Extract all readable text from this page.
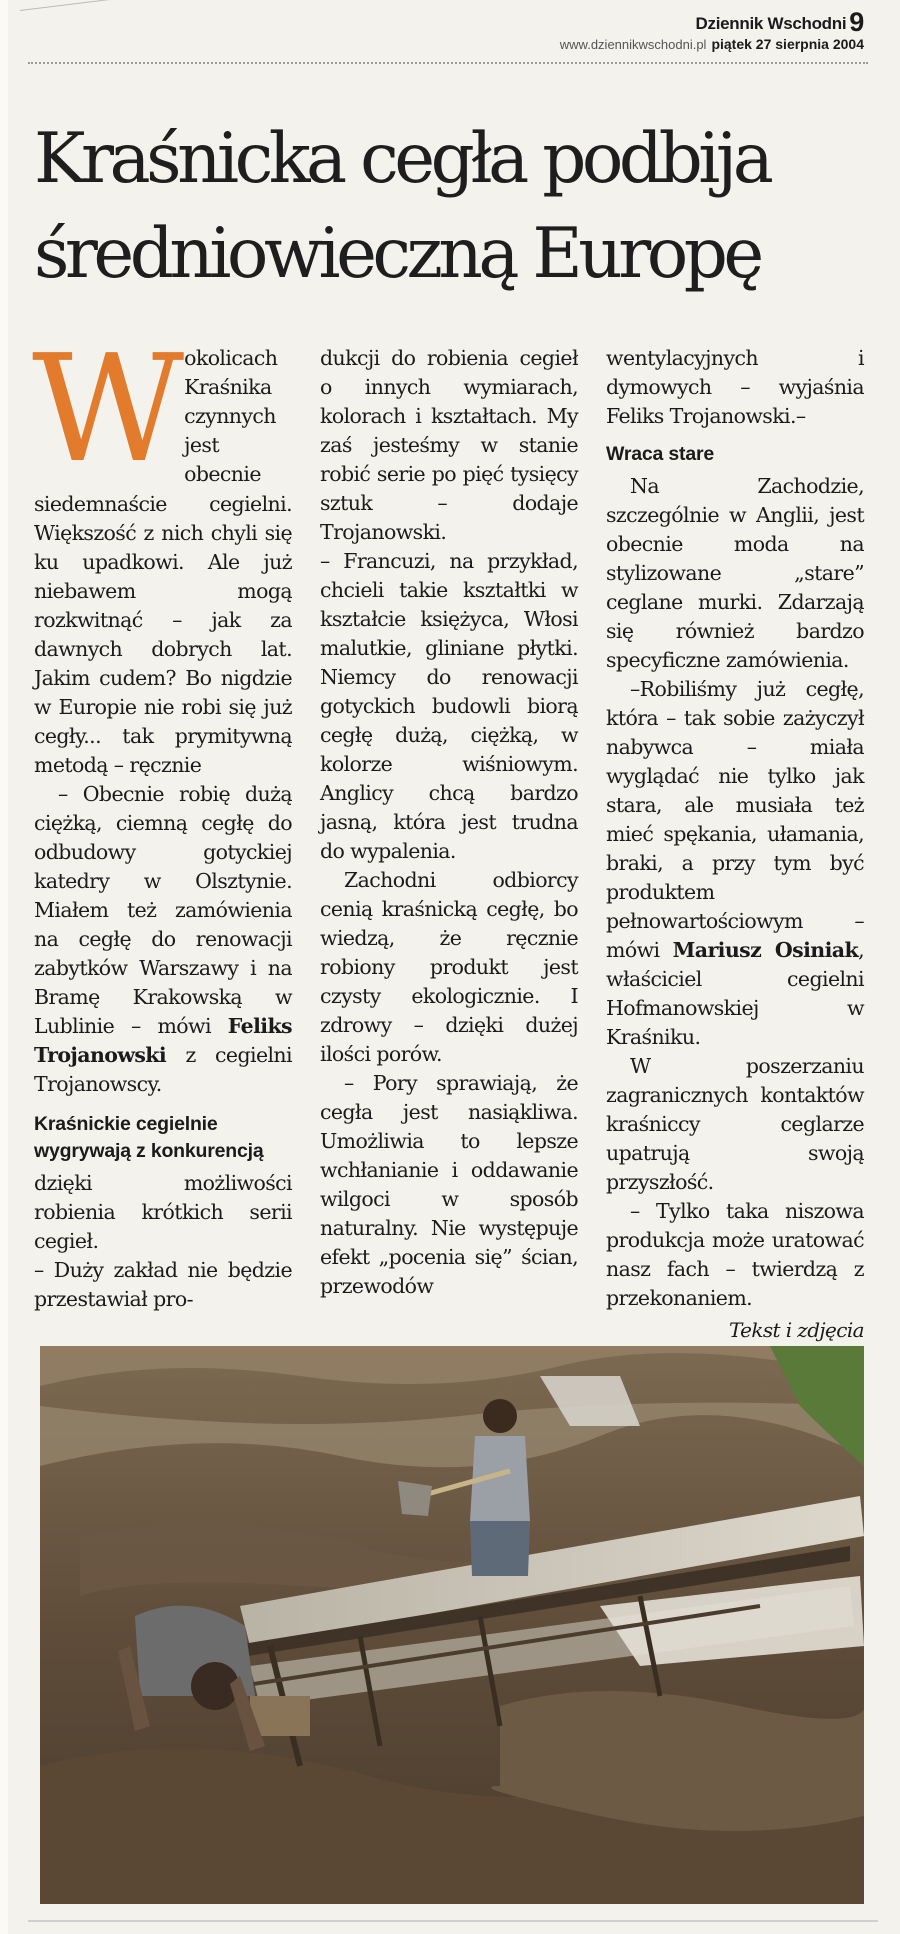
Dziennik Wschodni 9
www.dziennikwschodni.pl piątek 27 sierpnia 2004
Kraśnicka cegła podbija średniowieczną Europę

Wokolicach Kraśnika czynnych jest obecnie siedemnaście cegielni. Większość z nich chyli się ku upadkowi. Ale już niebawem mogą rozkwitnąć – jak za dawnych dobrych lat. Jakim cudem? Bo nigdzie w Europie nie robi się już cegły... tak prymitywną metodą – ręcznie

– Obecnie robię dużą ciężką, ciemną cegłę do odbudowy gotyckiej katedry w Olsztynie. Miałem też zamówienia na cegłę do renowacji zabytków Warszawy i na Bramę Krakowską w Lublinie – mówi Feliks Trojanowski z cegielni Trojanowscy.

Kraśnickie cegielnie wygrywają z konkurencją

dzięki możliwości robienia krótkich serii cegieł.

– Duży zakład nie będzie przestawiał pro-

dukcji do robienia cegieł o innych wymiarach, kolorach i kształtach. My zaś jesteśmy w stanie robić serie po pięć tysięcy sztuk – dodaje Trojanowski.

– Francuzi, na przykład, chcieli takie kształtki w kształcie księżyca, Włosi malutkie, gliniane płytki. Niemcy do renowacji gotyckich budowli biorą cegłę dużą, ciężką, w kolorze wiśniowym. Anglicy chcą bardzo jasną, która jest trudna do wypalenia.

Zachodni odbiorcy cenią kraśnicką cegłę, bo wiedzą, że ręcznie robiony produkt jest czysty ekologicznie. I zdrowy – dzięki dużej ilości porów.

– Pory sprawiają, że cegła jest nasiąkliwa. Umożliwia to lepsze wchłanianie i oddawanie wilgoci w sposób naturalny. Nie występuje efekt „pocenia się” ścian, przewodów

wentylacyjnych i dymowych – wyjaśnia Feliks Trojanowski.–

Wraca stare

Na Zachodzie, szczególnie w Anglii, jest obecnie moda na stylizowane „stare” ceglane murki. Zdarzają się również bardzo specyficzne zamówienia.

–Robiliśmy już cegłę, która – tak sobie zażyczył nabywca – miała wyglądać nie tylko jak stara, ale musiała też mieć spękania, ułamania, braki, a przy tym być produktem pełnowartościowym – mówi Mariusz Osiniak, właściciel cegielni Hofmanowskiej w Kraśniku.

W poszerzaniu zagranicznych kontaktów kraśniccy ceglarze upatrują swoją przyszłość.

– Tylko taka niszowa produkcja może uratować nasz fach – twierdzą z przekonaniem.

Tekst i zdjęcia
